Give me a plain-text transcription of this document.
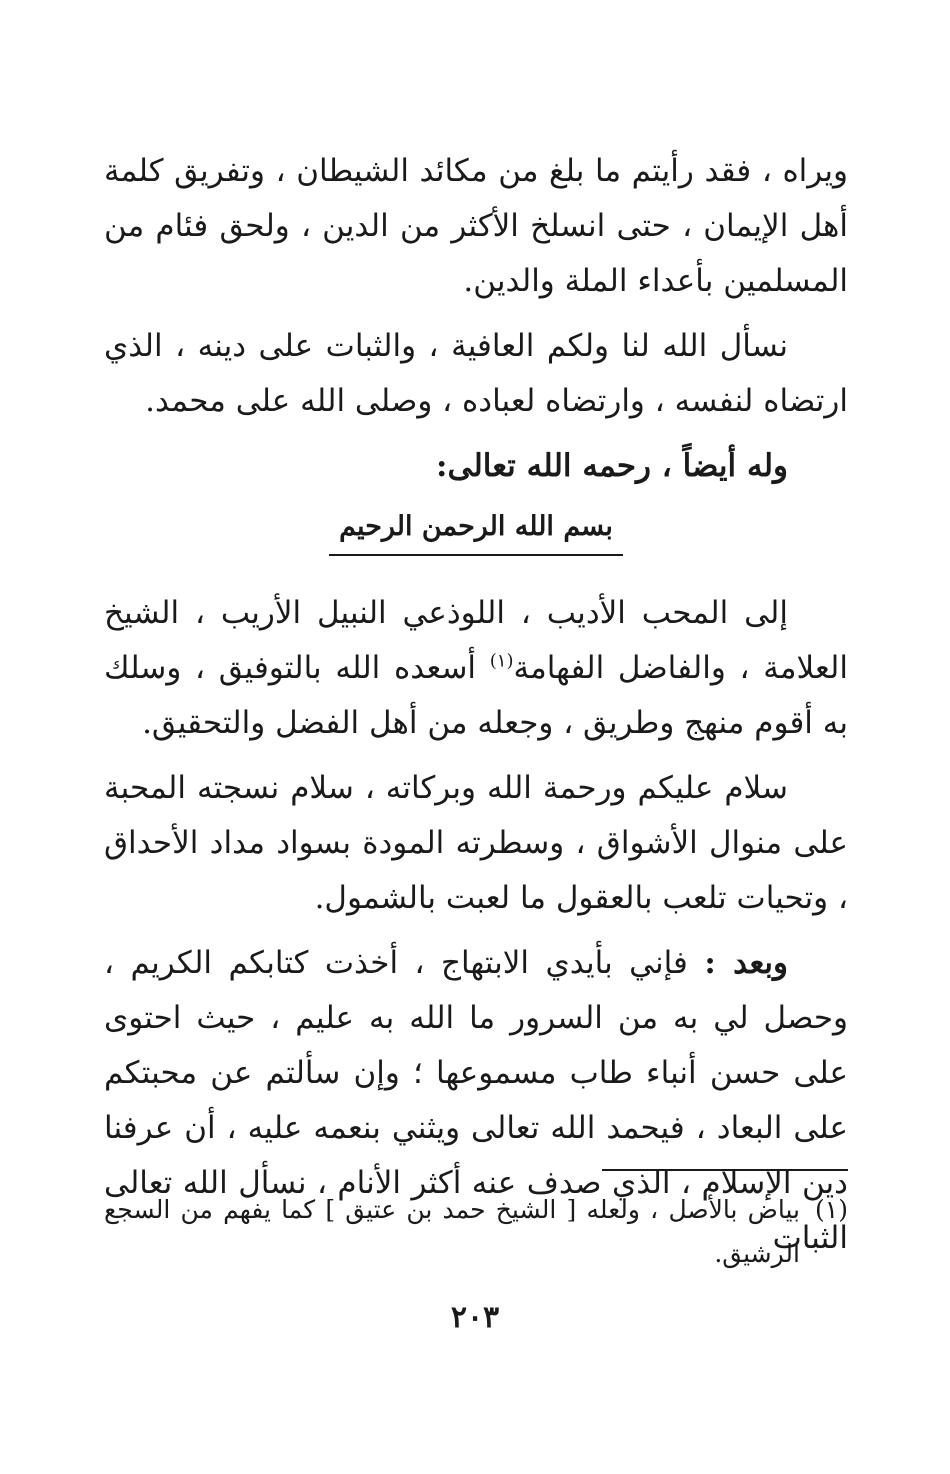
ويراه ، فقد رأيتم ما بلغ من مكائد الشيطان ، وتفريق كلمة أهل الإيمان ، حتى انسلخ الأكثر من الدين ، ولحق فئام من المسلمين بأعداء الملة والدين.

نسأل الله لنا ولكم العافية ، والثبات على دينه ، الذي ارتضاه لنفسه ، وارتضاه لعباده ، وصلى الله على محمد.

وله أيضاً ، رحمه الله تعالى:
بسم الله الرحمن الرحيم

إلى المحب الأديب ، اللوذعي النبيل الأريب ، الشيخ العلامة ، والفاضل الفهامة$^{(١)}$ أسعده الله بالتوفيق ، وسلك به أقوم منهج وطريق ، وجعله من أهل الفضل والتحقيق.

سلام عليكم ورحمة الله وبركاته ، سلام نسجته المحبة على منوال الأشواق ، وسطرته المودة بسواد مداد الأحداق ، وتحيات تلعب بالعقول ما لعبت بالشمول.

وبعد : فإني بأيدي الابتهاج ، أخذت كتابكم الكريم ، وحصل لي به من السرور ما الله به عليم ، حيث احتوى على حسن أنباء طاب مسموعها ؛ وإن سألتم عن محبتكم على البعاد ، فيحمد الله تعالى ويثني بنعمه عليه ، أن عرفنا دين الإسلام ، الذي صدف عنه أكثر الأنام ، نسأل الله تعالى الثبات

(١)
بياض بالأصل ، ولعله [ الشيخ حمد بن عتيق ] كما يفهم من السجع الرشيق.
٢٠٣
